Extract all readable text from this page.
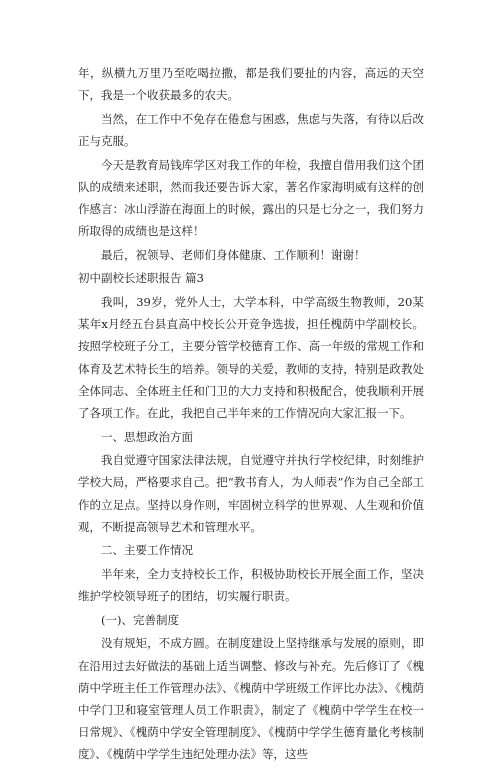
年，纵横九万里乃至吃喝拉撒，都是我们要扯的内容，高远的天空下，我是一个收获最多的农夫。

当然，在工作中不免存在倦怠与困惑，焦虑与失落，有待以后改正与克服。

今天是教育局钱库学区对我工作的年检，我擅自借用我们这个团队的成绩来述职，然而我还要告诉大家，著名作家海明威有这样的创作感言：冰山浮游在海面上的时候，露出的只是七分之一，我们努力所取得的成绩也是这样！

最后，祝领导、老师们身体健康、工作顺利！谢谢！

初中副校长述职报告 篇3

我叫，39岁，党外人士，大学本科，中学高级生物教师，20某某年x月经五台县直高中校长公开竞争选拔，担任槐荫中学副校长。按照学校班子分工，主要分管学校德育工作、高一年级的常规工作和体育及艺术特长生的培养。领导的关爱，教师的支持，特别是政教处全体同志、全体班主任和门卫的大力支持和积极配合，使我顺利开展了各项工作。在此，我把自己半年来的工作情况向大家汇报一下。

一、思想政治方面

我自觉遵守国家法律法规，自觉遵守并执行学校纪律，时刻维护学校大局，严格要求自己。把“教书育人，为人师表”作为自己全部工作的立足点。坚持以身作则，牢固树立科学的世界观、人生观和价值观，不断提高领导艺术和管理水平。

二、主要工作情况

半年来，全力支持校长工作，积极协助校长开展全面工作，坚决维护学校领导班子的团结，切实履行职责。

(一)、完善制度

没有规矩，不成方圆。在制度建设上坚持继承与发展的原则，即在沿用过去好做法的基础上适当调整、修改与补充。先后修订了《槐荫中学班主任工作管理办法》、《槐荫中学班级工作评比办法》、《槐荫中学门卫和寝室管理人员工作职责》，制定了《槐荫中学学生在校一日常规》、《槐荫中学安全管理制度》、《槐荫中学学生德育量化考核制度》、《槐荫中学学生违纪处理办法》等，这些
